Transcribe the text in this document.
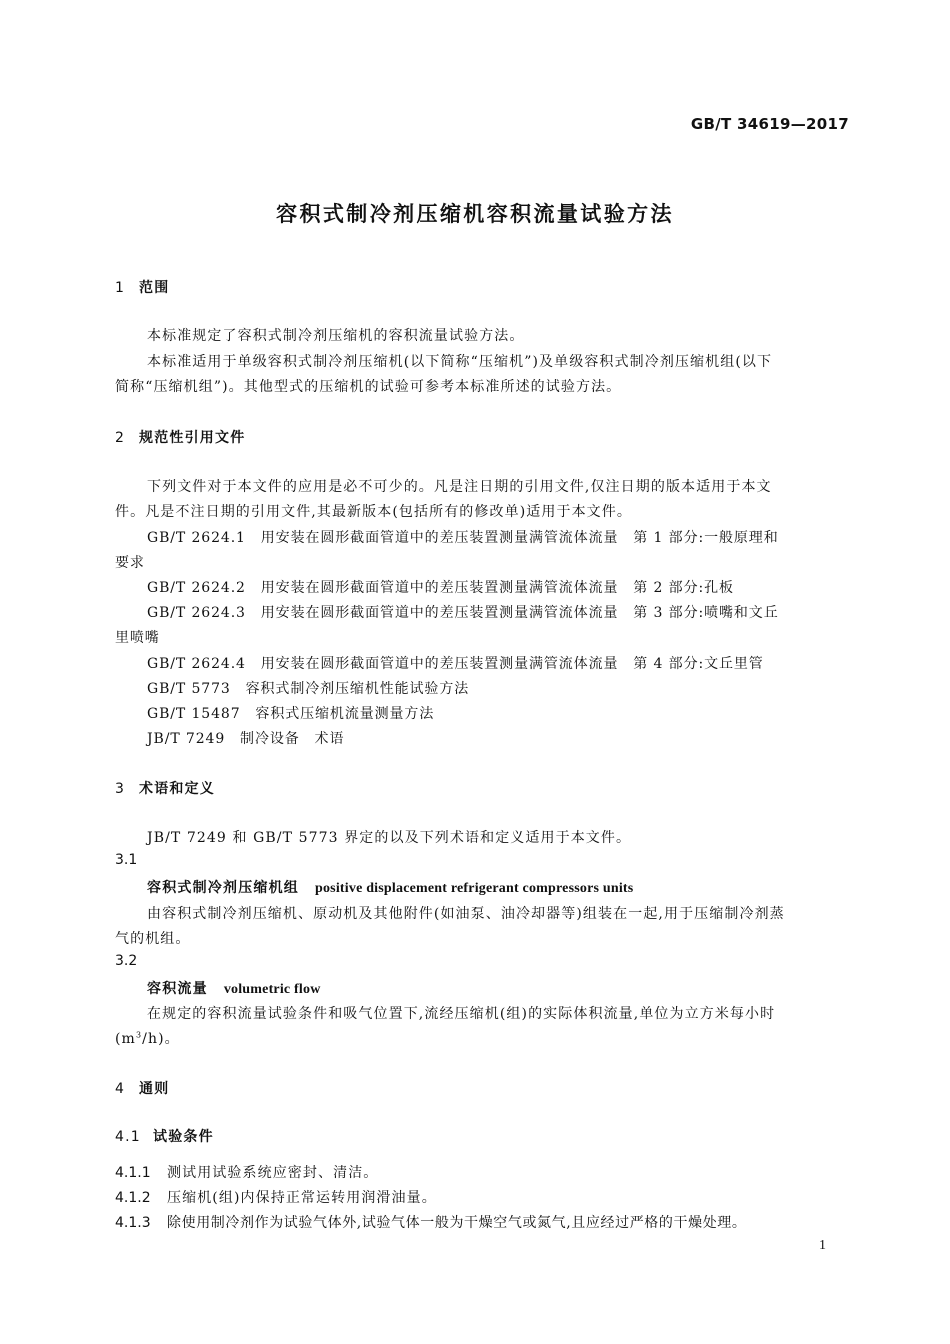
GB/T 34619—2017
容积式制冷剂压缩机容积流量试验方法
1 范围
本标准规定了容积式制冷剂压缩机的容积流量试验方法。
本标准适用于单级容积式制冷剂压缩机(以下简称“压缩机”)及单级容积式制冷剂压缩机组(以下
简称“压缩机组”)。其他型式的压缩机的试验可参考本标准所述的试验方法。
2 规范性引用文件
下列文件对于本文件的应用是必不可少的。凡是注日期的引用文件,仅注日期的版本适用于本文
件。凡是不注日期的引用文件,其最新版本(包括所有的修改单)适用于本文件。
GB/T 2624.1　 用安装在圆形截面管道中的差压装置测量满管流体流量　第 1 部分:一般原理和
要求
GB/T 2624.2　 用安装在圆形截面管道中的差压装置测量满管流体流量　第 2 部分:孔板
GB/T 2624.3　 用安装在圆形截面管道中的差压装置测量满管流体流量　第 3 部分:喷嘴和文丘
里喷嘴
GB/T 2624.4　 用安装在圆形截面管道中的差压装置测量满管流体流量　第 4 部分:文丘里管
GB/T 5773　 容积式制冷剂压缩机性能试验方法
GB/T 15487　 容积式压缩机流量测量方法
JB/T 7249　 制冷设备　术语
3 术语和定义
JB/T 7249 和 GB/T 5773 界定的以及下列术语和定义适用于本文件。
3.1
容积式制冷剂压缩机组 positive displacement refrigerant compressors units
由容积式制冷剂压缩机、原动机及其他附件(如油泵、油冷却器等)组装在一起,用于压缩制冷剂蒸
气的机组。
3.2
容积流量 volumetric flow
在规定的容积流量试验条件和吸气位置下,流经压缩机(组)的实际体积流量,单位为立方米每小时
$(m^3/h)$。
4 通则
4.1 试验条件
4.1.1 测试用试验系统应密封、清洁。
4.1.2 压缩机(组)内保持正常运转用润滑油量。
4.1.3 除使用制冷剂作为试验气体外,试验气体一般为干燥空气或氮气,且应经过严格的干燥处理。
1
